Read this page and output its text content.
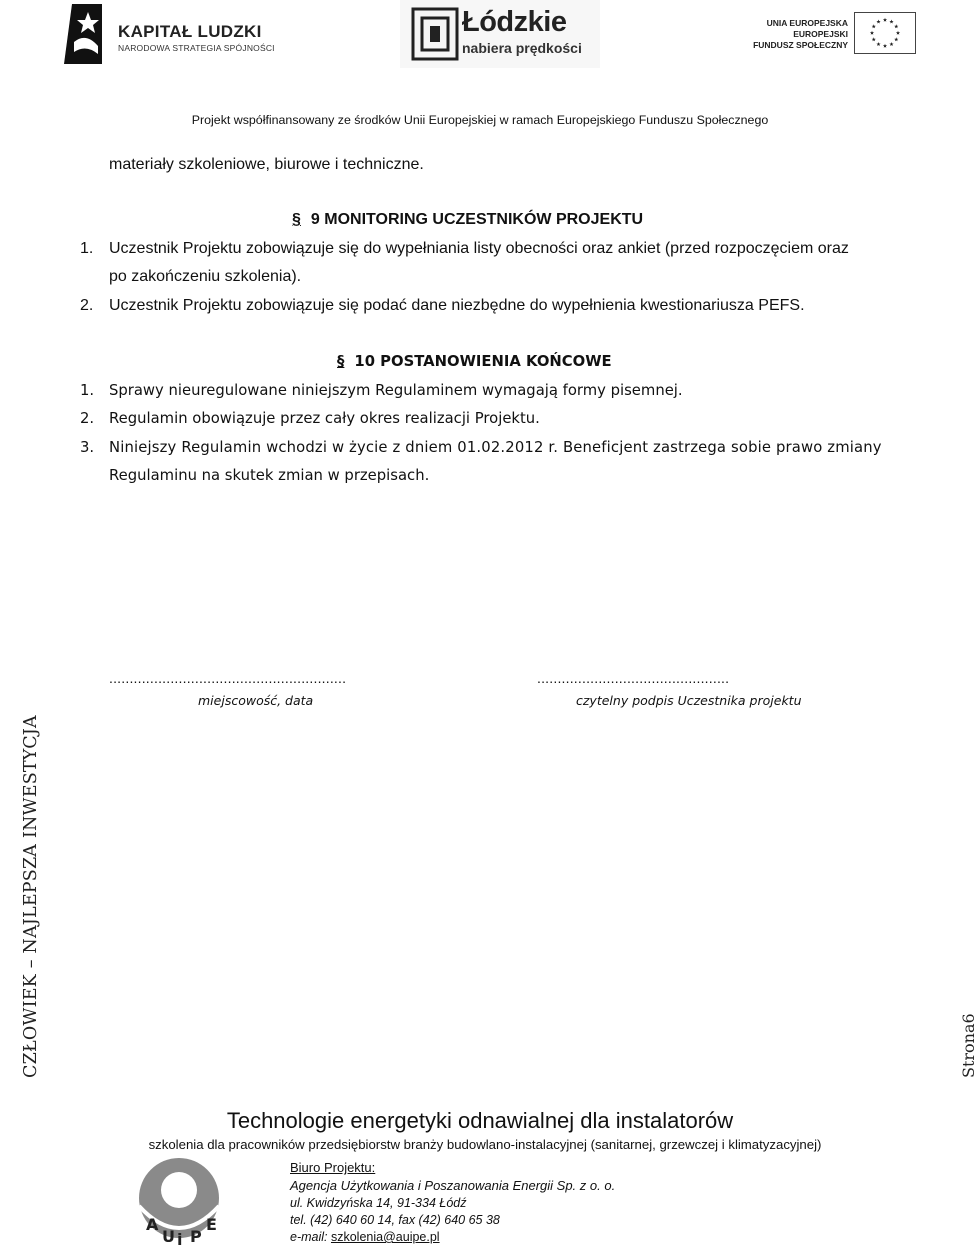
KAPITAŁ LUDZKI
NARODOWA STRATEGIA SPÓJNOŚCI
Łódzkie
nabiera prędkości
UNIA EUROPEJSKA
EUROPEJSKI
FUNDUSZ SPOŁECZNY
Projekt współfinansowany ze środków Unii Europejskiej w ramach Europejskiego Funduszu Społecznego
materiały szkoleniowe, biurowe i techniczne.
§ 9 MONITORING UCZESTNIKÓW PROJEKTU
1. Uczestnik Projektu zobowiązuje się do wypełniania listy obecności oraz ankiet (przed rozpoczęciem oraz
po zakończeniu szkolenia).
2. Uczestnik Projektu zobowiązuje się podać dane niezbędne do wypełnienia kwestionariusza PEFS.
§ 10 POSTANOWIENIA KOŃCOWE
1. Sprawy nieuregulowane niniejszym Regulaminem wymagają formy pisemnej.
2. Regulamin obowiązuje przez cały okres realizacji Projektu.
3. Niniejszy Regulamin wchodzi w życie z dniem 01.02.2012 r. Beneficjent zastrzega sobie prawo zmiany
Regulaminu na skutek zmian w przepisach.
..........................................................	...............................................
miejscowość, data	czytelny podpis Uczestnika projektu
CZŁOWIEK – NAJLEPSZA INWESTYCJA	Strona6
Technologie energetyki odnawialnej dla instalatorów
szkolenia dla pracowników przedsiębiorstw branży budowlano-instalacyjnej (sanitarnej, grzewczej i klimatyzacyjnej)
A
U i P
E
Biuro Projektu:
Agencja Użytkowania i Poszanowania Energii Sp. z o. o.
ul. Kwidzyńska 14, 91-334 Łódź
tel. (42) 640 60 14, fax (42) 640 65 38
e-mail: szkolenia@auipe.pl
